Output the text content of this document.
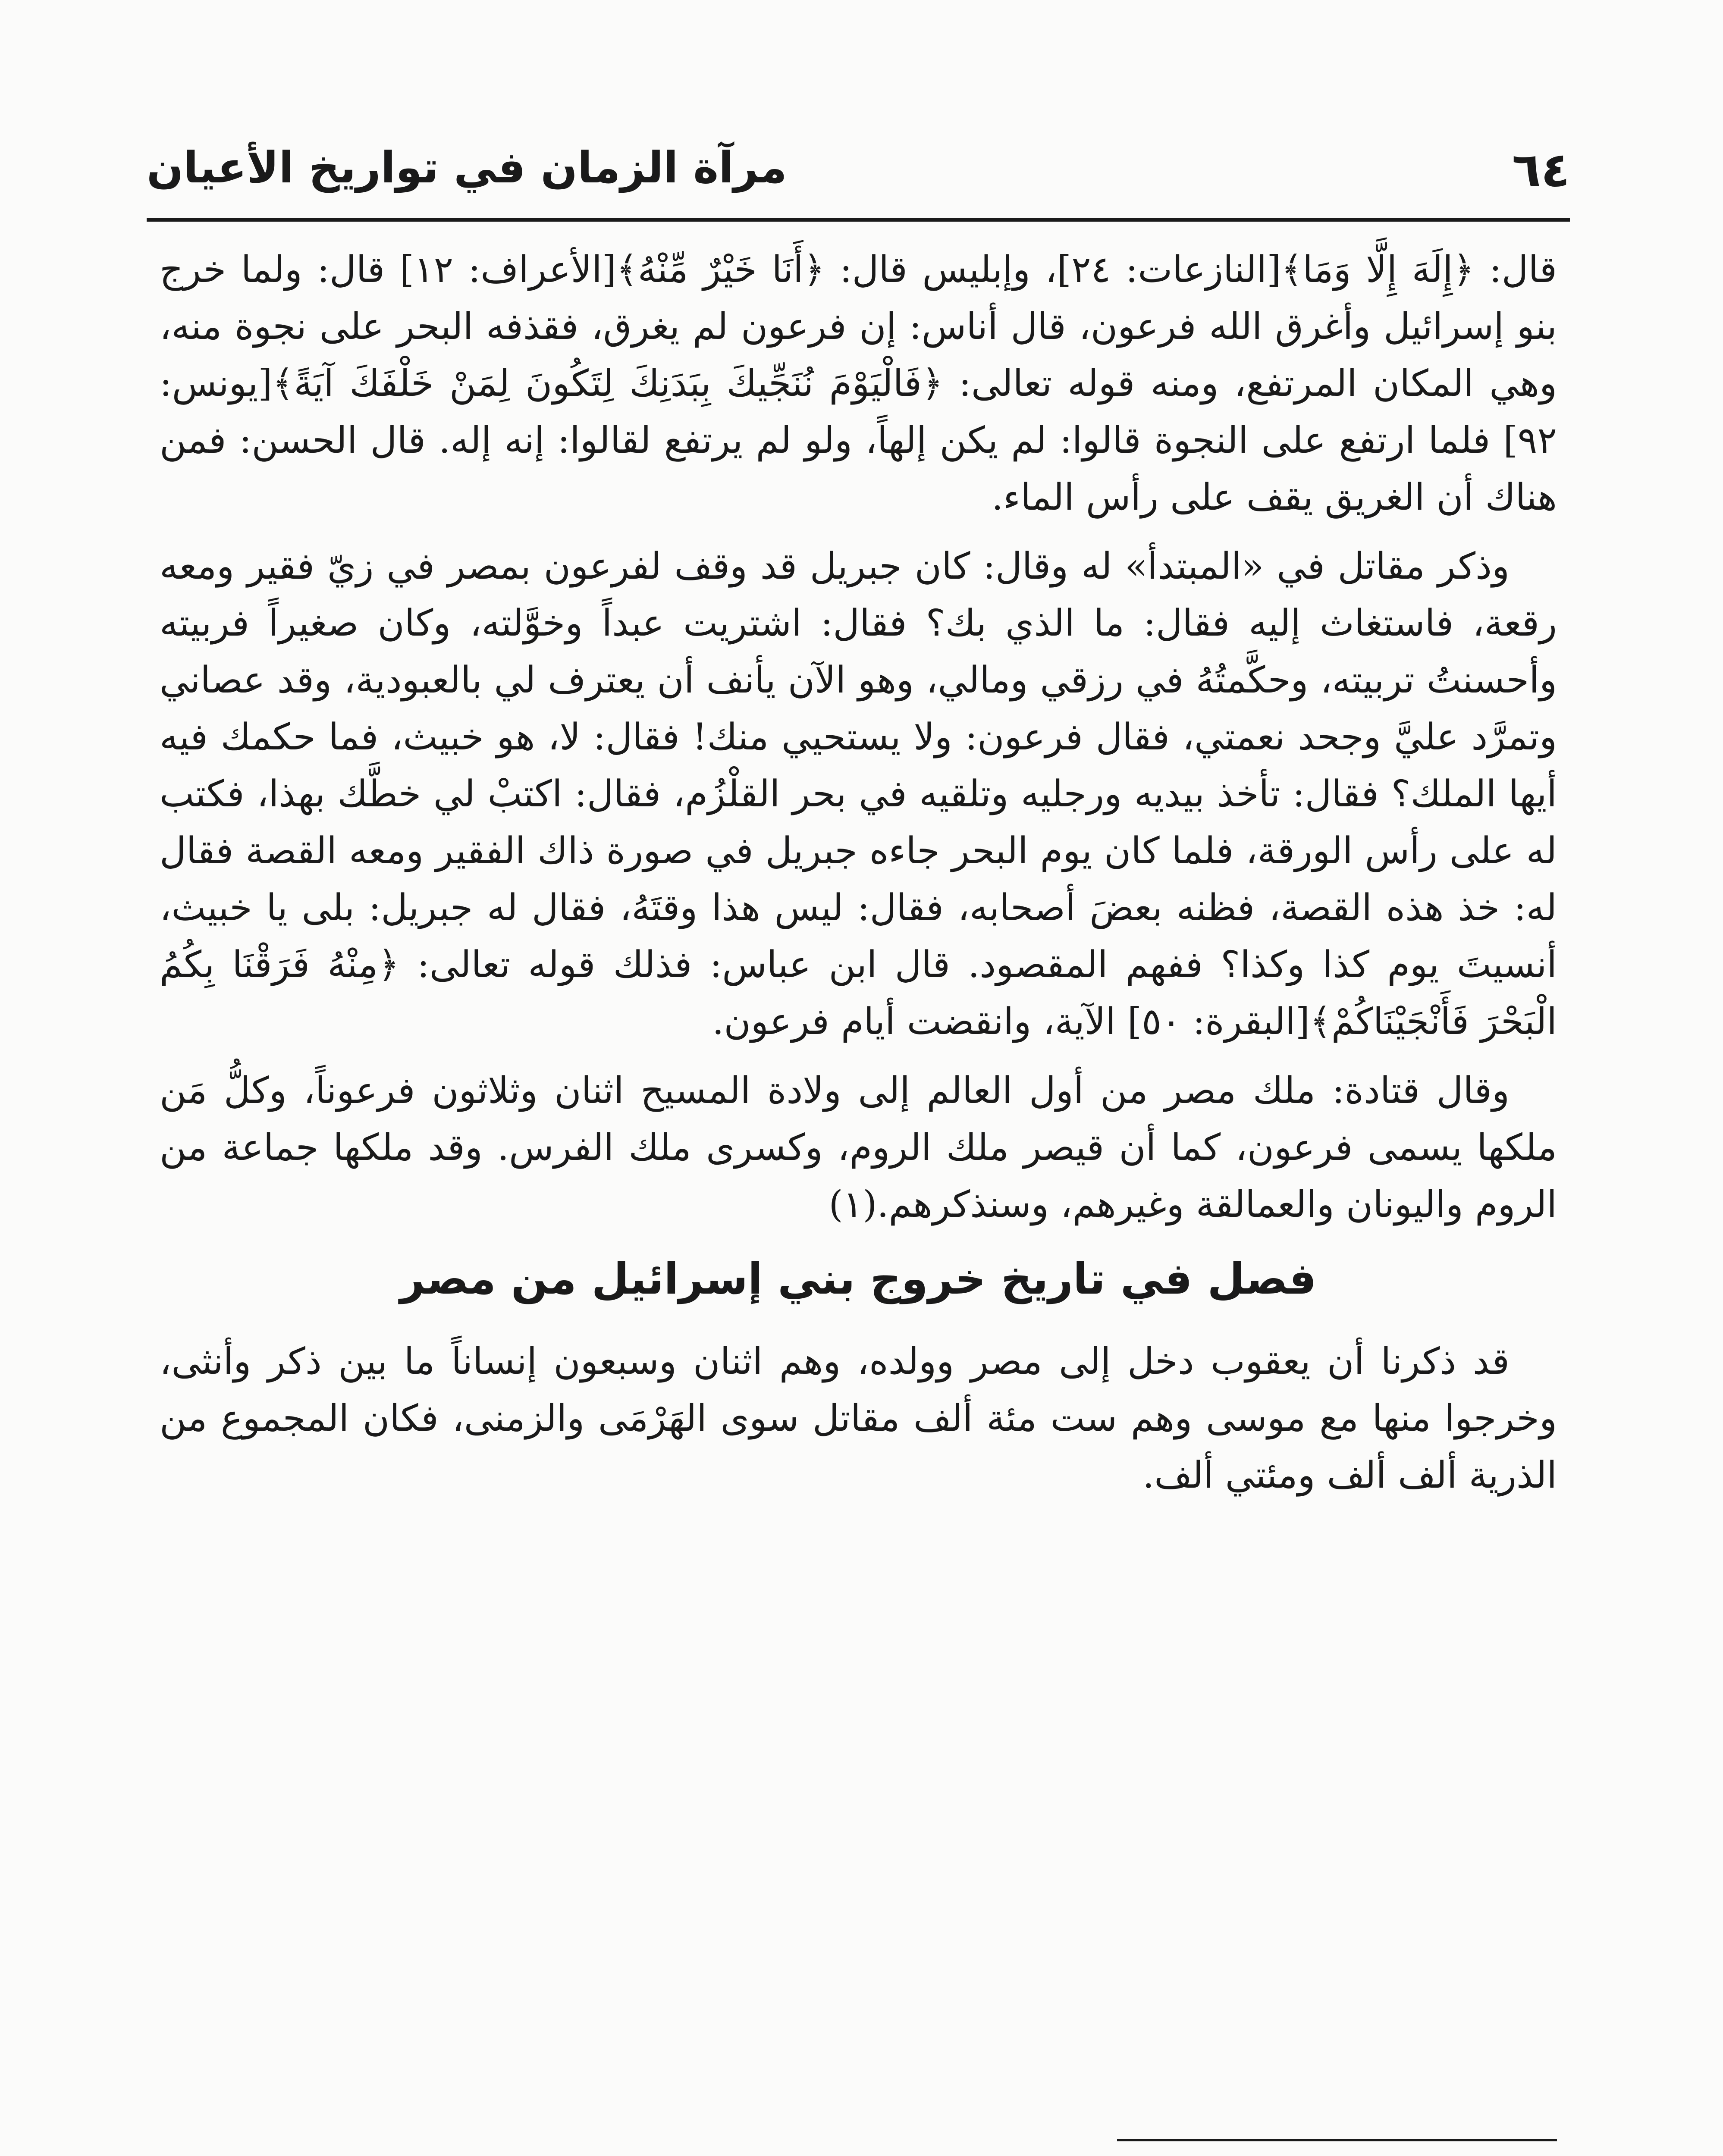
٦٤
مرآة الزمان في تواريخ الأعيان

قال: ﴿إِلَهَ إِلَّا وَمَا﴾[النازعات: ٢٤]، وإبليس قال: ﴿أَنَا خَيْرٌ مِّنْهُ﴾[الأعراف: ١٢] قال: ولما خرج بنو إسرائيل وأغرق الله فرعون، قال أناس: إن فرعون لم يغرق، فقذفه البحر على نجوة منه، وهي المكان المرتفع، ومنه قوله تعالى: ﴿فَالْيَوْمَ نُنَجِّيكَ بِبَدَنِكَ لِتَكُونَ لِمَنْ خَلْفَكَ آيَةً﴾[يونس: ٩٢] فلما ارتفع على النجوة قالوا: لم يكن إلهاً، ولو لم يرتفع لقالوا: إنه إله. قال الحسن: فمن هناك أن الغريق يقف على رأس الماء.

وذكر مقاتل في «المبتدأ» له وقال: كان جبريل قد وقف لفرعون بمصر في زيّ فقير ومعه رقعة، فاستغاث إليه فقال: ما الذي بك؟ فقال: اشتريت عبداً وخوَّلته، وكان صغيراً فربيته وأحسنتُ تربيته، وحكَّمتُهُ في رزقي ومالي، وهو الآن يأنف أن يعترف لي بالعبودية، وقد عصاني وتمرَّد عليَّ وجحد نعمتي، فقال فرعون: ولا يستحيي منك! فقال: لا، هو خبيث، فما حكمك فيه أيها الملك؟ فقال: تأخذ بيديه ورجليه وتلقيه في بحر القلْزُم، فقال: اكتبْ لي خطَّك بهذا، فكتب له على رأس الورقة، فلما كان يوم البحر جاءه جبريل في صورة ذاك الفقير ومعه القصة فقال له: خذ هذه القصة، فظنه بعضَ أصحابه، فقال: ليس هذا وقتَهُ، فقال له جبريل: بلى يا خبيث، أنسيتَ يوم كذا وكذا؟ ففهم المقصود. قال ابن عباس: فذلك قوله تعالى: ﴿مِنْهُ فَرَقْنَا بِكُمُ الْبَحْرَ فَأَنْجَيْنَاكُمْ﴾[البقرة: ٥٠] الآية، وانقضت أيام فرعون.

وقال قتادة: ملك مصر من أول العالم إلى ولادة المسيح اثنان وثلاثون فرعوناً، وكلُّ مَن ملكها يسمى فرعون، كما أن قيصر ملك الروم، وكسرى ملك الفرس. وقد ملكها جماعة من الروم واليونان والعمالقة وغيرهم، وسنذكرهم.(١)

فصل في تاريخ خروج بني إسرائيل من مصر

قد ذكرنا أن يعقوب دخل إلى مصر وولده، وهم اثنان وسبعون إنساناً ما بين ذكر وأنثى، وخرجوا منها مع موسى وهم ست مئة ألف مقاتل سوى الهَرْمَى والزمنى، فكان المجموع من الذرية ألف ألف ومئتي ألف.
